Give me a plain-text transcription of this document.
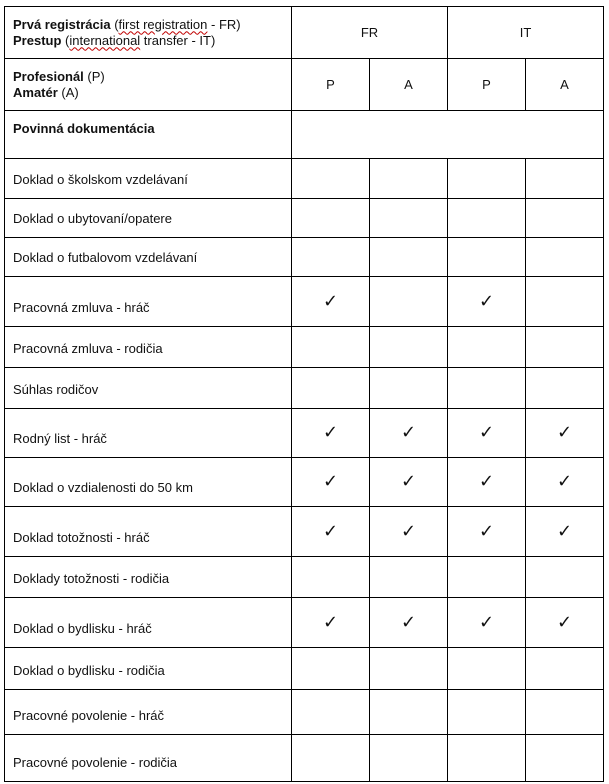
Prvá registrácia (first registration - FR)
Prestup (international transfer - IT)	FR		IT	
Profesionál (P)
Amatér (A)	P	A	P	A
Povinná dokumentácia				
Doklad o školskom vzdelávaní				
Doklad o ubytovaní/opatere				
Doklad o futbalovom vzdelávaní				
Pracovná zmluva - hráč	✓		✓	
Pracovná zmluva - rodičia				
Súhlas rodičov				
Rodný list - hráč	✓	✓	✓	✓
Doklad o vzdialenosti do 50 km	✓	✓	✓	✓
Doklad totožnosti - hráč	✓	✓	✓	✓
Doklady totožnosti - rodičia				
Doklad o bydlisku - hráč	✓	✓	✓	✓
Doklad o bydlisku - rodičia				
Pracovné povolenie - hráč				
Pracovné povolenie - rodičia				
